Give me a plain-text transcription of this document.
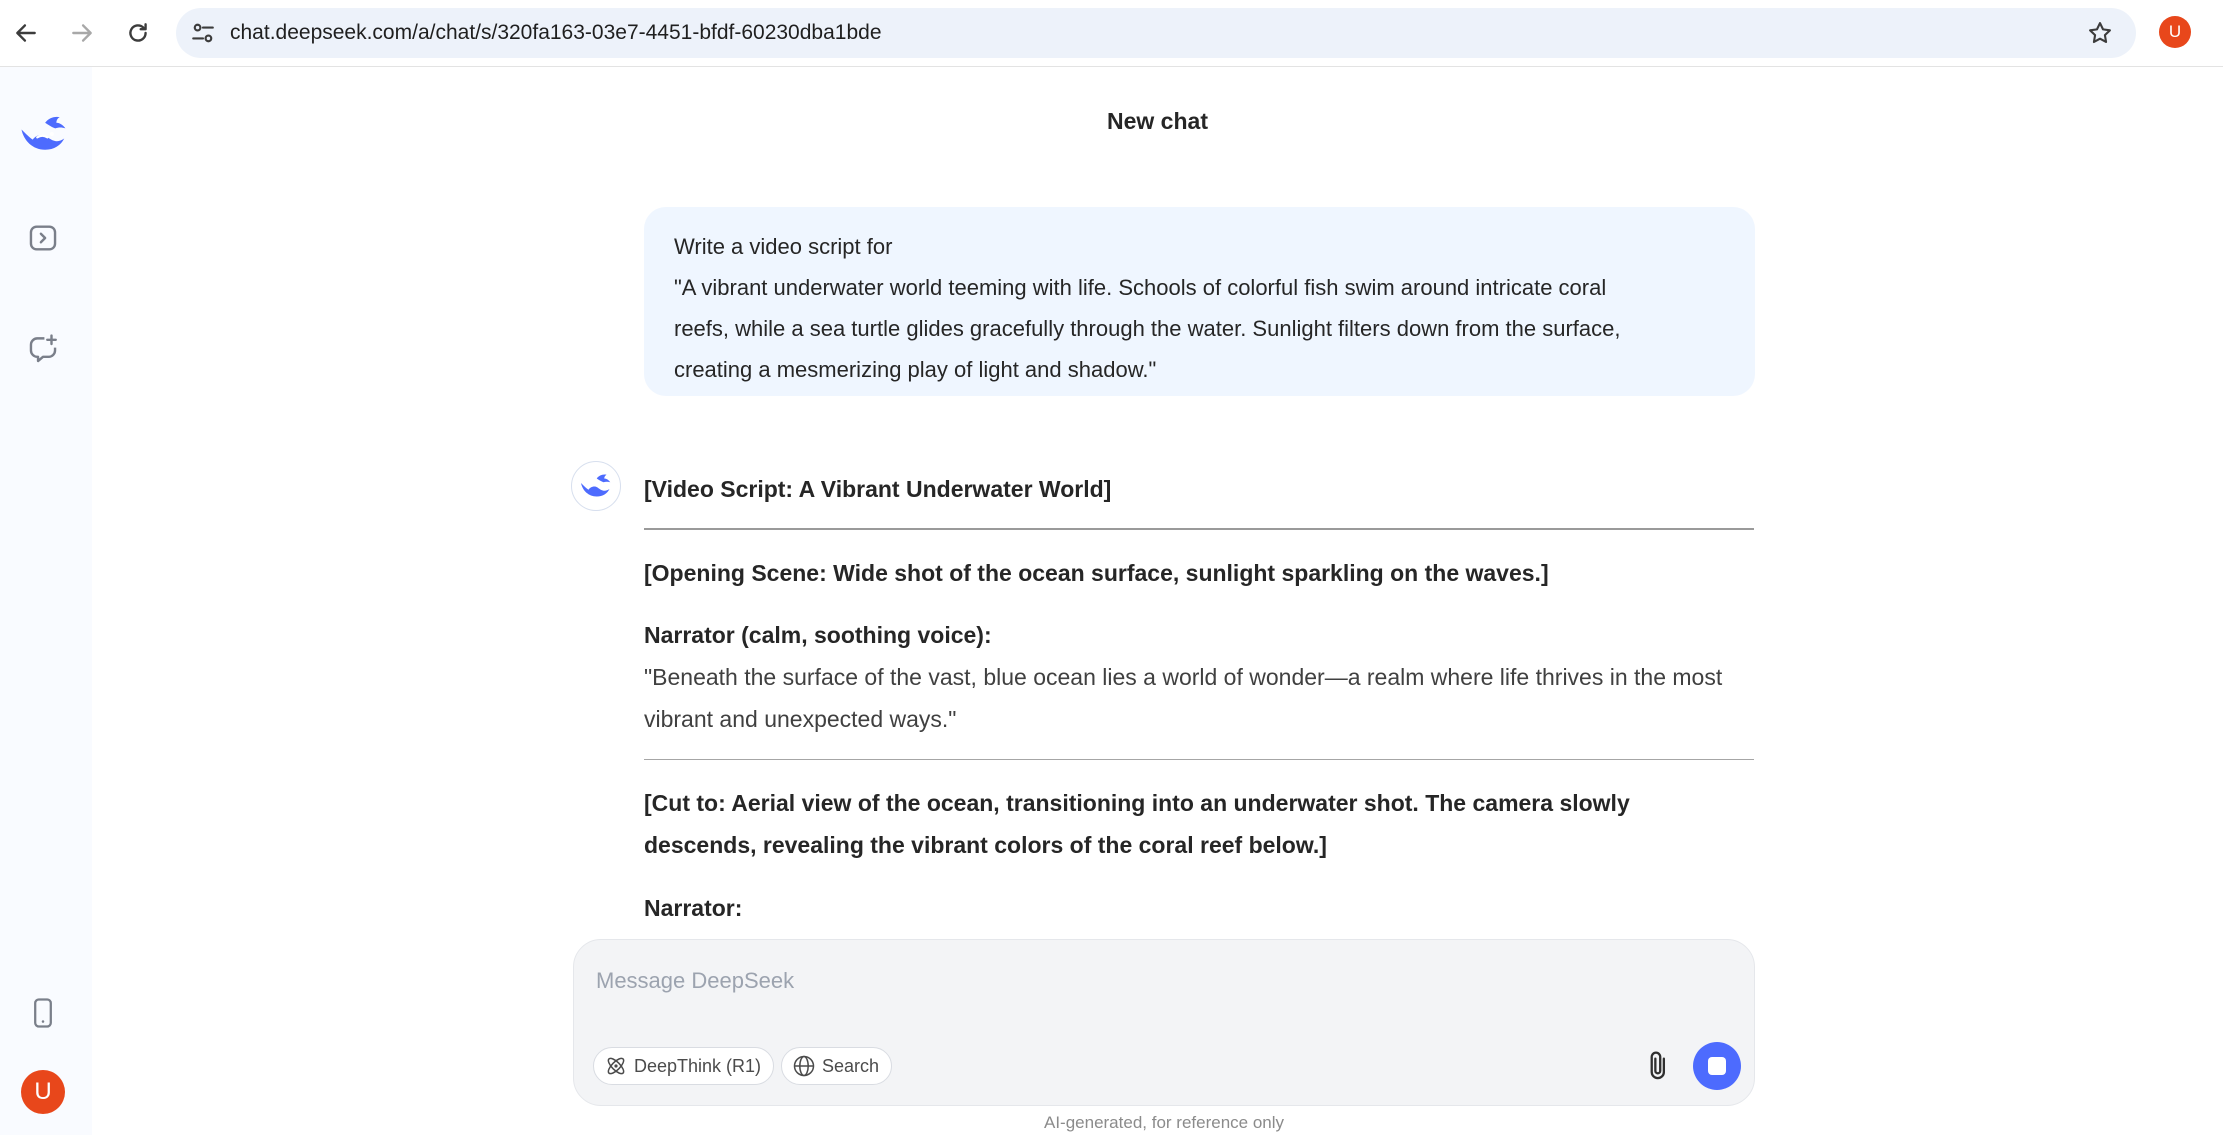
chat.deepseek.com/a/chat/s/320fa163-03e7-4451-bfdf-60230dba1bde	U
U
New chat

Write a video script for

"A vibrant underwater world teeming with life. Schools of colorful fish swim around intricate coral

reefs, while a sea turtle glides gracefully through the water. Sunlight filters down from the surface,

creating a mesmerizing play of light and shadow."

[Video Script: A Vibrant Underwater World]
[Opening Scene: Wide shot of the ocean surface, sunlight sparkling on the waves.]
Narrator (calm, soothing voice):
"Beneath the surface of the vast, blue ocean lies a world of wonder—a realm where life thrives in the most
vibrant and unexpected ways."
[Cut to: Aerial view of the ocean, transitioning into an underwater shot. The camera slowly
descends, revealing the vibrant colors of the coral reef below.]
Narrator:
Message DeepSeek
DeepThink (R1)	Search
AI-generated, for reference only
